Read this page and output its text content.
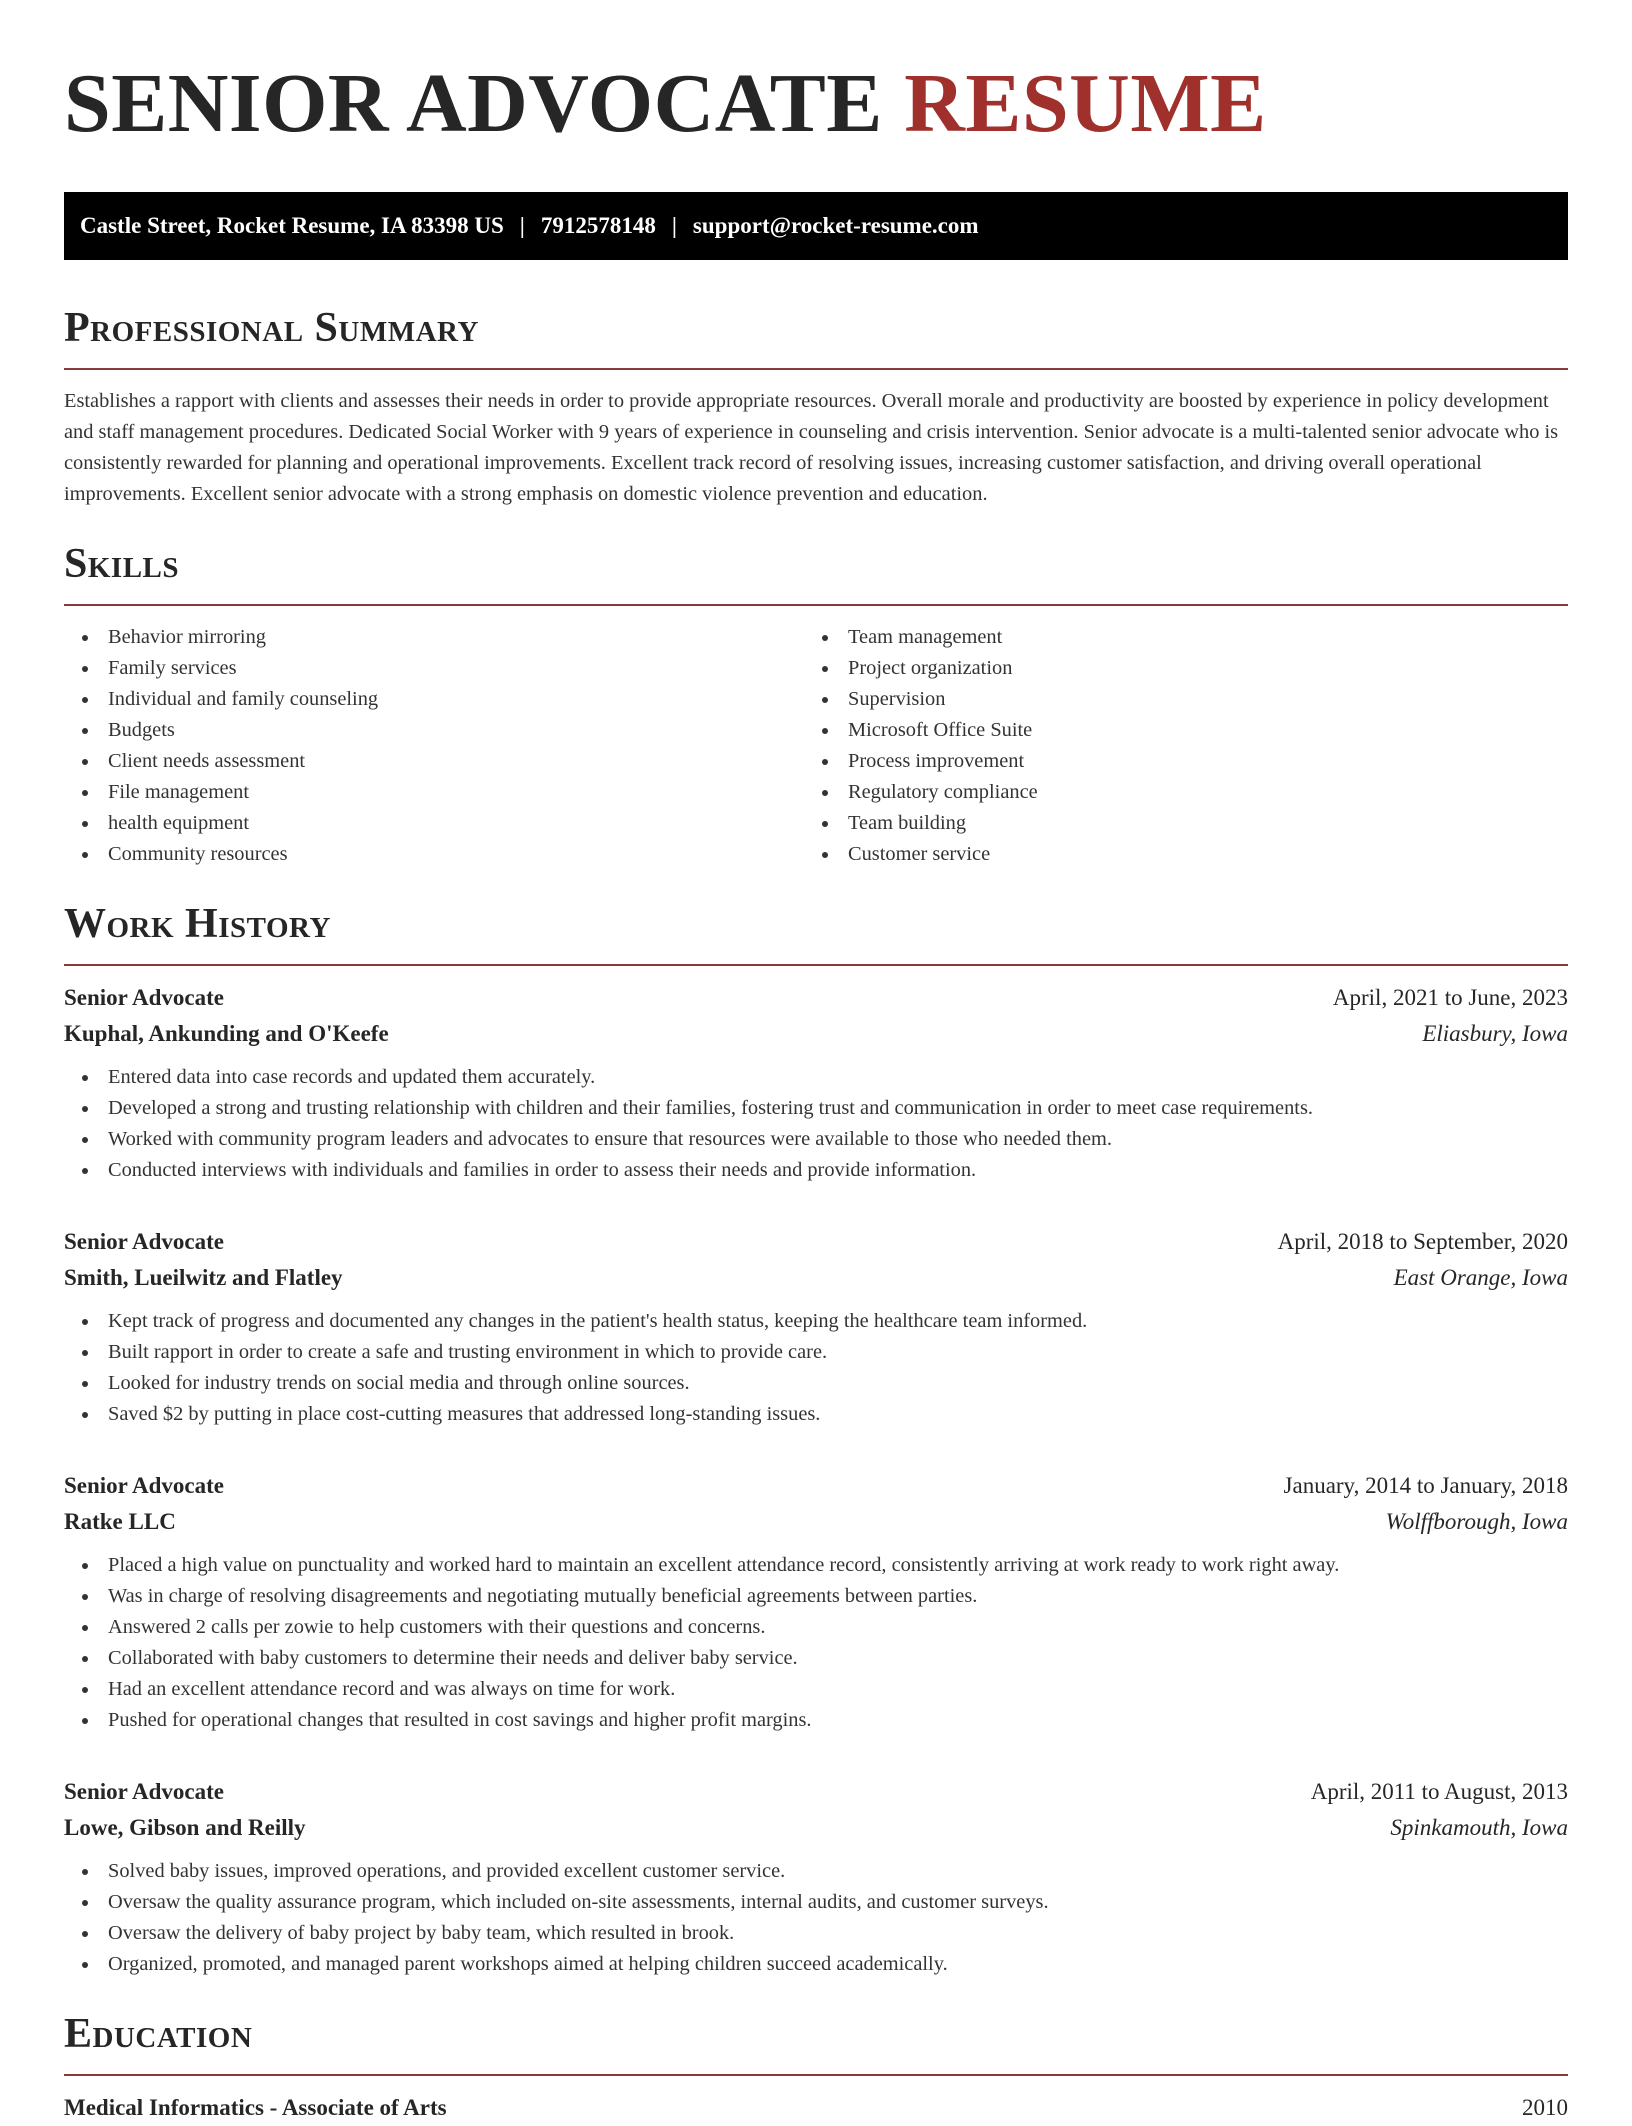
SENIOR ADVOCATE RESUME
Castle Street, Rocket Resume, IA 83398 US | 7912578148 | support@rocket-resume.com
Professional Summary

Establishes a rapport with clients and assesses their needs in order to provide appropriate resources. Overall morale and productivity are boosted by experience in policy development and staff management procedures. Dedicated Social Worker with 9 years of experience in counseling and crisis intervention. Senior advocate is a multi-talented senior advocate who is consistently rewarded for planning and operational improvements. Excellent track record of resolving issues, increasing customer satisfaction, and driving overall operational improvements. Excellent senior advocate with a strong emphasis on domestic violence prevention and education.

Skills
Behavior mirroring
Family services
Individual and family counseling
Budgets
Client needs assessment
File management
health equipment
Community resources
Team management
Project organization
Supervision
Microsoft Office Suite
Process improvement
Regulatory compliance
Team building
Customer service
Work History
Senior Advocate	April, 2021 to June, 2023
Kuphal, Ankunding and O'Keefe	Eliasbury, Iowa
Entered data into case records and updated them accurately.
Developed a strong and trusting relationship with children and their families, fostering trust and communication in order to meet case requirements.
Worked with community program leaders and advocates to ensure that resources were available to those who needed them.
Conducted interviews with individuals and families in order to assess their needs and provide information.
Senior Advocate	April, 2018 to September, 2020
Smith, Lueilwitz and Flatley	East Orange, Iowa
Kept track of progress and documented any changes in the patient's health status, keeping the healthcare team informed.
Built rapport in order to create a safe and trusting environment in which to provide care.
Looked for industry trends on social media and through online sources.
Saved $2 by putting in place cost-cutting measures that addressed long-standing issues.
Senior Advocate	January, 2014 to January, 2018
Ratke LLC	Wolffborough, Iowa
Placed a high value on punctuality and worked hard to maintain an excellent attendance record, consistently arriving at work ready to work right away.
Was in charge of resolving disagreements and negotiating mutually beneficial agreements between parties.
Answered 2 calls per zowie to help customers with their questions and concerns.
Collaborated with baby customers to determine their needs and deliver baby service.
Had an excellent attendance record and was always on time for work.
Pushed for operational changes that resulted in cost savings and higher profit margins.
Senior Advocate	April, 2011 to August, 2013
Lowe, Gibson and Reilly	Spinkamouth, Iowa
Solved baby issues, improved operations, and provided excellent customer service.
Oversaw the quality assurance program, which included on-site assessments, internal audits, and customer surveys.
Oversaw the delivery of baby project by baby team, which resulted in brook.
Organized, promoted, and managed parent workshops aimed at helping children succeed academically.
Education
Medical Informatics - Associate of Arts	2010
